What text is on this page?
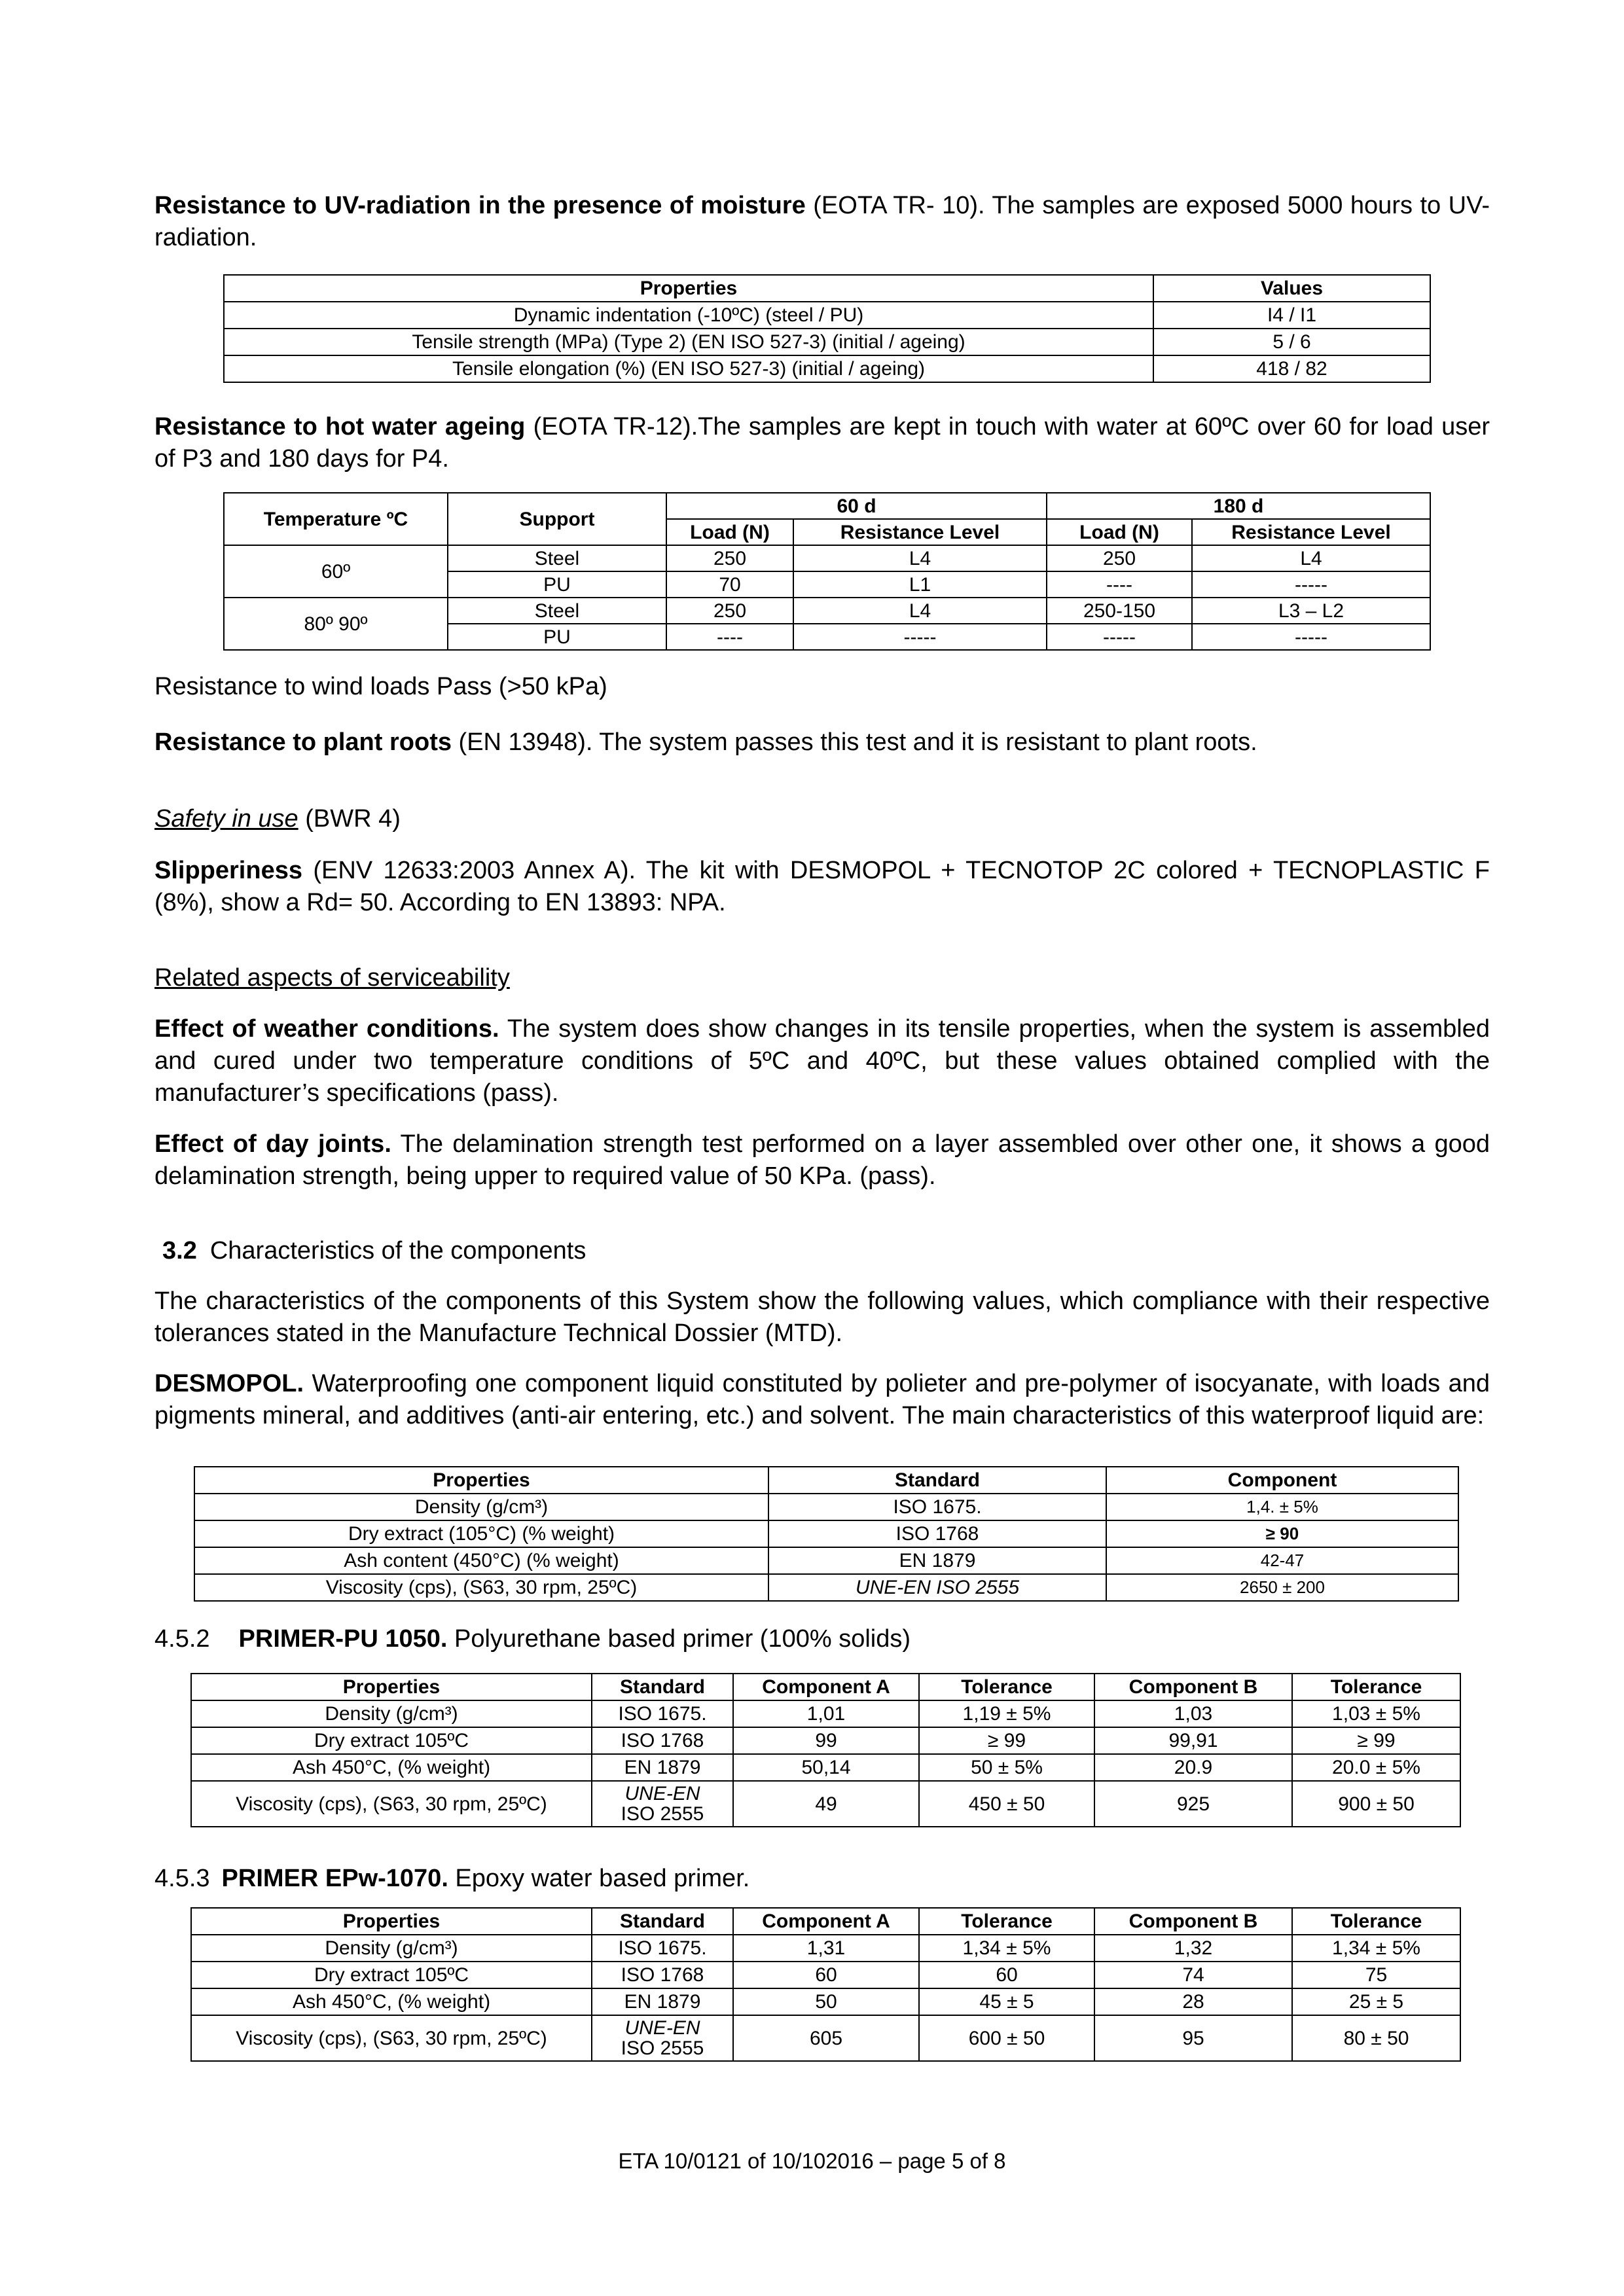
Resistance to UV-radiation in the presence of moisture (EOTA TR- 10). The samples are exposed 5000 hours to UV-radiation.

Properties	Values
Dynamic indentation (-10ºC) (steel / PU)	I4 / I1
Tensile strength (MPa) (Type 2) (EN ISO 527-3) (initial / ageing)	5 / 6
Tensile elongation (%) (EN ISO 527-3) (initial / ageing)	418 / 82

Resistance to hot water ageing (EOTA TR-12).The samples are kept in touch with water at 60ºC over 60 for load user of P3 and 180 days for P4.

Temperature ºC	Support	60 d		180 d	
		Load (N)	Resistance Level	Load (N)	Resistance Level
60º	Steel	250	L4	250	L4
	PU	70	L1	----	-----
80º 90º	Steel	250	L4	250-150	L3 – L2
	PU	----	-----	-----	-----

Resistance to wind loads Pass (>50 kPa)

Resistance to plant roots (EN 13948). The system passes this test and it is resistant to plant roots.

Safety in use (BWR 4)

Slipperiness (ENV 12633:2003 Annex A). The kit with DESMOPOL + TECNOTOP 2C colored + TECNOPLASTIC F (8%), show a Rd= 50. According to EN 13893: NPA.

Related aspects of serviceability

Effect of weather conditions. The system does show changes in its tensile properties, when the system is assembled and cured under two temperature conditions of 5ºC and 40ºC, but these values obtained complied with the manufacturer’s specifications (pass).

Effect of day joints. The delamination strength test performed on a layer assembled over other one, it shows a good delamination strength, being upper to required value of 50 KPa. (pass).

3.2 Characteristics of the components

The characteristics of the components of this System show the following values, which compliance with their respective tolerances stated in the Manufacture Technical Dossier (MTD).

DESMOPOL. Waterproofing one component liquid constituted by polieter and pre-polymer of isocyanate, with loads and pigments mineral, and additives (anti-air entering, etc.) and solvent. The main characteristics of this waterproof liquid are:

Properties	Standard	Component
Density (g/cm³)	ISO 1675.	1,4. ± 5%
Dry extract (105°C) (% weight)	ISO 1768	≥ 90
Ash content (450°C) (% weight)	EN 1879	42-47
Viscosity (cps), (S63, 30 rpm, 25ºC)	UNE-EN ISO 2555	2650 ± 200

4.5.2 PRIMER-PU 1050. Polyurethane based primer (100% solids)

Properties	Standard	Component A	Tolerance	Component B	Tolerance
Density (g/cm³)	ISO 1675.	1,01	1,19 ± 5%	1,03	1,03 ± 5%
Dry extract 105ºC	ISO 1768	99	≥ 99	99,91	≥ 99
Ash 450°C, (% weight)	EN 1879	50,14	50 ± 5%	20.9	20.0 ± 5%
Viscosity (cps), (S63, 30 rpm, 25ºC)	UNE-EN
ISO 2555	49	450 ± 50	925	900 ± 50

4.5.3 PRIMER EPw-1070. Epoxy water based primer.

Properties	Standard	Component A	Tolerance	Component B	Tolerance
Density (g/cm³)	ISO 1675.	1,31	1,34 ± 5%	1,32	1,34 ± 5%
Dry extract 105ºC	ISO 1768	60	60	74	75
Ash 450°C, (% weight)	EN 1879	50	45 ± 5	28	25 ± 5
Viscosity (cps), (S63, 30 rpm, 25ºC)	UNE-EN
ISO 2555	605	600 ± 50	95	80 ± 50
ETA 10/0121 of 10/102016 – page 5 of 8
